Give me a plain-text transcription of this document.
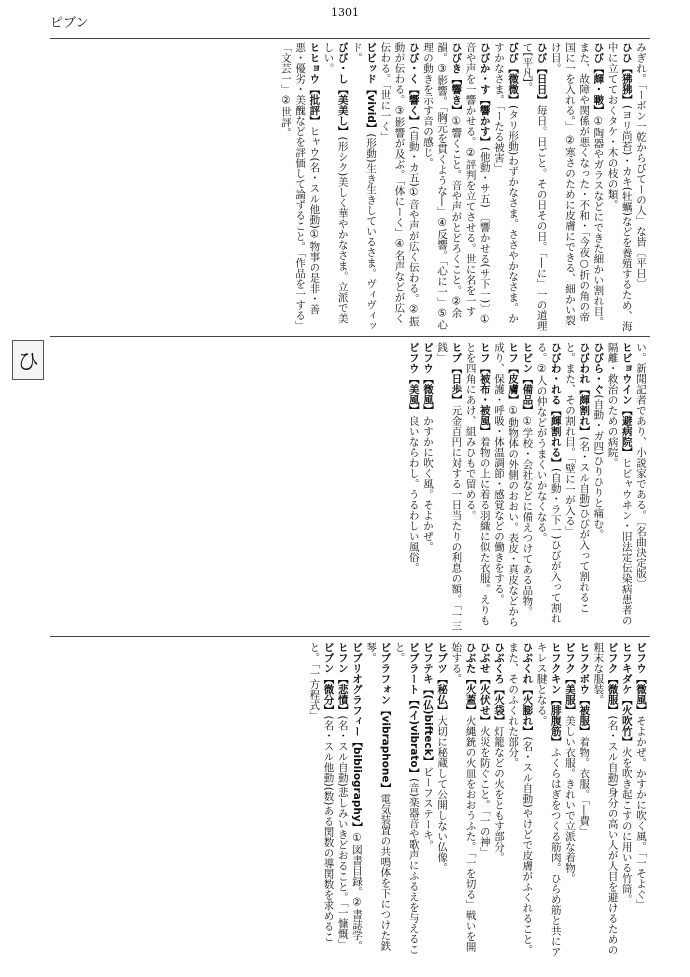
ピブン
1301
ひ
みぎれ。「ーボン一乾からびてーの人」な皆〔平日〕
ひひ【狒狒】(ヨリ尚苔)・カキ(牡蠣)などを養殖するため、海中に立てておくタケ・木の枝の類。
ひび【皹・皸】①陶器やガラスなどにできた細かい割れ目。また、故障や関係が悪くなった・不和・「今夜○折の角の帝国に一を入れる。」 ②寒さのために皮膚にできる、細かい裂け目。
ひび【日日】毎日。日ごと。その日その日。「―に」一の道理て[平凡]。
びび【微微】(タリ形動)わずかなさま。ささやかなさま。かすかなさま。「ーたる被害」
ひびか・す【響かす】(他動・サ五) 〔響かせる(サ下一)〕①音や声を一響かせる。②評判を立てさせる。世に名を一す
ひびき【響き】①響くこと。音や声がとどろくこと。②余韻。③影響。「胸元を貫くような―」④反響。「心に一」⑤心理の動きを示す音の感じ。
ひび・く【響く】(自動・カ五)①音や声が広く伝わる。②振動が伝わる。③影響が及ぶ。「体にーく」④名声などが広く伝わる。「世に一く」
ビビッド【vivid】(形動)生き生きしているさま。ヴィヴィッド。
びび・し【美美し】(形シク)美しく華やかなさま。立派で美しい。
ヒヒョウ【批評】ヒャウ(名・スル他動)①物事の是非・善悪・優劣・美醜などを評価して論ずること。「作品を一する」「文芸一」②世評。
い。新聞記者であり、小説家である。〔名曲決定版〕
ヒビョウイン【避病院】ヒビャウヰン・旧法定伝染病患者の隔離・救治のための病院。
ひびら・ぐ(自動・ガ四)ひりひりと痛む。
ひびわれ【皹割れ】(名・スル自動)ひびが入って割れること。また、その割れ目。「壁に一が入る」
ひびわ・れる【皹割れる】(自動・ラ下一)ひびが入って割れる。②人の仲などがうまくいかなくなる。
ヒビン【備品】①学校・会社などに備えつけてある品物。
ヒフ【皮膚】①動物体の外側のおおい。表皮・真皮などから成り、保護・呼吸・体温調節・感覚などの働きをする。
ヒフ【被布・被風】着物の上に着る羽織に似た衣服。えりもとを四角にあけ、組みひもで留める。
ヒブ【日歩】元金百円に対する一日当たりの利息の額。「一三銭」
ビフウ【微風】かすかに吹く風。そよかぜ。
ビフウ【美風】良いならわし。うるわしい風俗。
ビフウ【微風】そよかぜ。かすかに吹く風。「一そよぐ」
ヒフキダケ【火吹竹】火を吹き起こすのに用いる竹筒。
ビフク【微服】(名・スル自動)身分の高い人が人目を避けるための粗末な服装。
ヒフクボウ【被服】着物。衣服。「―費」
ビフク【美服】美しい衣服。きれいで立派な着物。
ヒフクキン【腓腹筋】ふくらはぎをつくる筋肉。ひらめ筋と共にアキレス腱となる。
ひぶくれ【火膨れ】(名・スル自動)やけどで皮膚がふくれること。また、そのふくれた部分。
ひぶくろ【火袋】灯籠などの火をともす部分。
ひぶせ【火伏せ】火災を防ぐこと。「一の神」
ひぶた【火蓋】火縄銃の火皿をおおうふた。「一を切る」戦いを開始する。
ヒブツ【秘仏】大切に秘蔵して公開しない仏像。
ビフテキ【(仏)bifteck】ビーフステーキ。
ビブラート【(イ)vibrato】(音)楽器音や歌声にふるえを与えること。
ビブラフォン【vibraphone】電気装置の共鳴体を下につけた鉄琴。
ビブリオグラフィー【bibliography】①図書目録。②書誌学。
ヒフン【悲憤】(名・スル自動)悲しみいきどおること。「一慷慨」
ビブン【微分】(名・スル他動)(数)ある関数の導関数を求めること。「一方程式」
